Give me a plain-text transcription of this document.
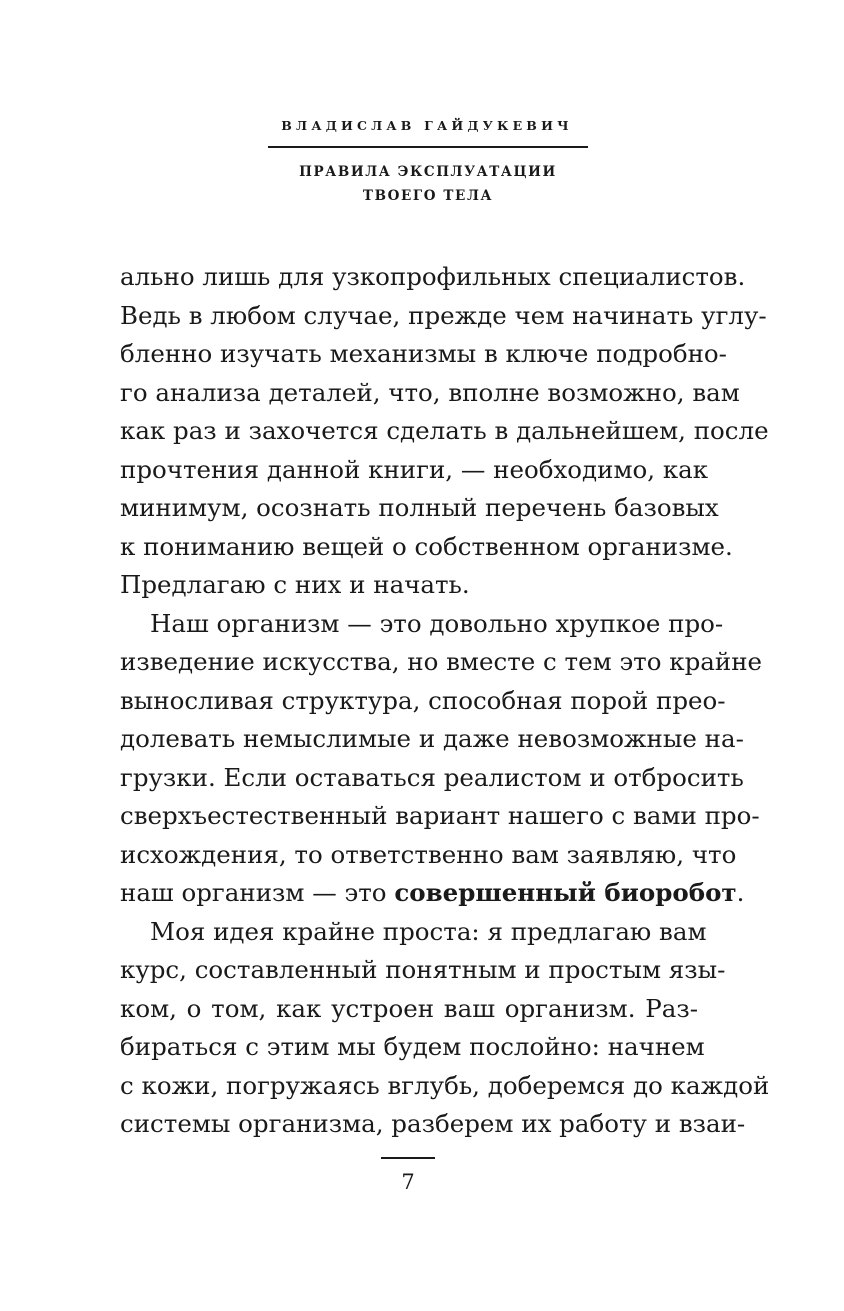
ВЛАДИСЛАВ ГАЙДУКЕВИЧ
ПРАВИЛА ЭКСПЛУАТАЦИИ
ТВОЕГО ТЕЛА
ально лишь для узкопрофильных специалистов.
Ведь в любом случае, прежде чем начинать углу-
бленно изучать механизмы в ключе подробно-
го анализа деталей, что, вполне возможно, вам
как раз и захочется сделать в дальнейшем, после
прочтения данной книги, — необходимо, как
минимум, осознать полный перечень базовых
к пониманию вещей о собственном организме.
Предлагаю с них и начать.
Наш организм — это довольно хрупкое про-
изведение искусства, но вместе с тем это крайне
выносливая структура, способная порой прео-
долевать немыслимые и даже невозможные на-
грузки. Если оставаться реалистом и отбросить
сверхъестественный вариант нашего с вами про-
исхождения, то ответственно вам заявляю, что
наш организм — это совершенный биоробот.
Моя идея крайне проста: я предлагаю вам
курс, составленный понятным и простым язы-
ком, о том, как устроен ваш организм. Раз-
бираться с этим мы будем послойно: начнем
с кожи, погружаясь вглубь, доберемся до каждой
системы организма, разберем их работу и взаи-
7
